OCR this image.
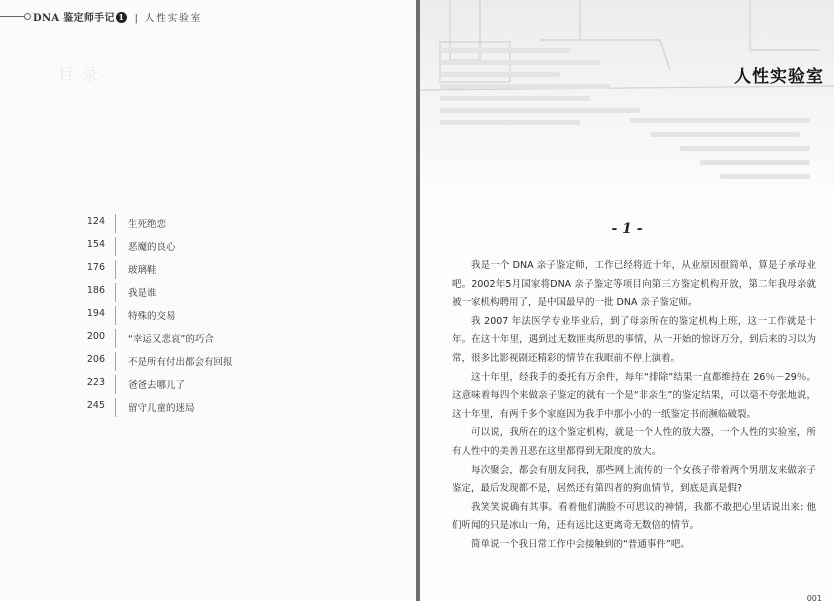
DNA 鉴定师手记 1 | 人性实验室
目录
124 生死绝恋
154 恶魔的良心
176 玻璃鞋
186 我是谁
194 特殊的交易
200 “幸运又悲哀”的巧合
206 不是所有付出都会有回报
223 爸爸去哪儿了
245 留守儿童的迷局
人性实验室
- 1 -

我是一个 DNA 亲子鉴定师，工作已经将近十年，从业原因很简单，算是子承母业吧。2002年5月国家将DNA 亲子鉴定等项目向第三方鉴定机构开放，第二年我母亲就被一家机构聘用了，是中国最早的一批 DNA 亲子鉴定师。

我 2007 年法医学专业毕业后，到了母亲所在的鉴定机构上班，这一工作就是十年。在这十年里，遇到过无数匪夷所思的事情，从一开始的惊讶万分，到后来的习以为常，很多比影视剧还精彩的情节在我眼前不停上演着。

这十年里，经我手的委托有万余件，每年“排除”结果一直都维持在 26％－29％。这意味着每四个来做亲子鉴定的就有一个是“非亲生”的鉴定结果，可以毫不夸张地说，这十年里，有两千多个家庭因为我手中那小小的一纸鉴定书而濒临破裂。

可以说，我所在的这个鉴定机构，就是一个人性的放大器，一个人性的实验室，所有人性中的美善丑恶在这里都得到无限度的放大。

每次聚会，都会有朋友问我，那些网上流传的一个女孩子带着两个男朋友来做亲子鉴定，最后发现都不是，居然还有第四者的狗血情节，到底是真是假?

我笑笑说确有其事。看着他们满脸不可思议的神情，我都不敢把心里话说出来: 他们听闻的只是冰山一角，还有远比这更离奇无数倍的情节。

简单说一个我日常工作中会接触到的“普通事件”吧。

001
